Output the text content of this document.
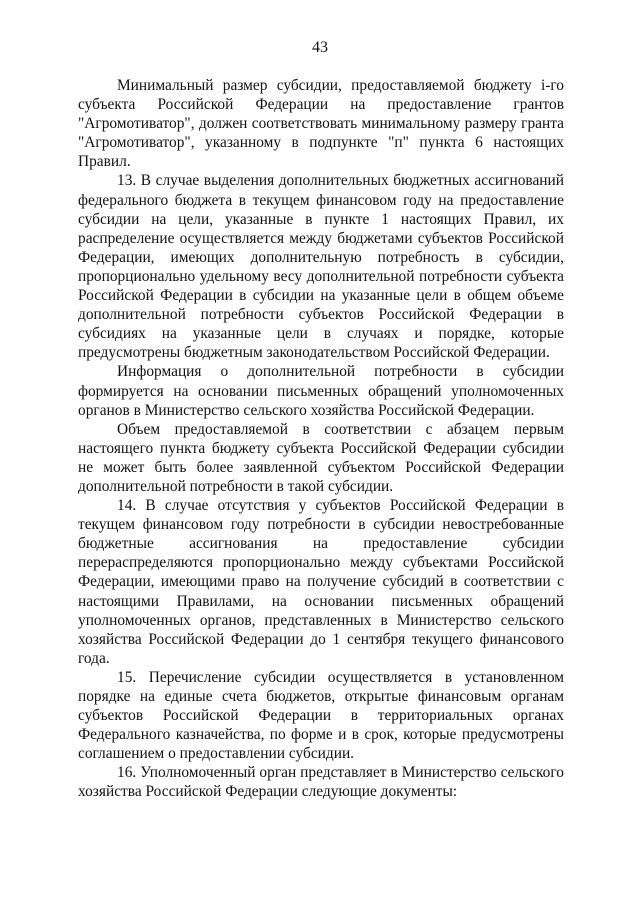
43

Минимальный размер субсидии, предоставляемой бюджету i-го субъекта Российской Федерации на предоставление грантов "Агромотиватор", должен соответствовать минимальному размеру гранта "Агромотиватор", указанному в подпункте "п" пункта 6 настоящих Правил.

13. В случае выделения дополнительных бюджетных ассигнований федерального бюджета в текущем финансовом году на предоставление субсидии на цели, указанные в пункте 1 настоящих Правил, их распределение осуществляется между бюджетами субъектов Российской Федерации, имеющих дополнительную потребность в субсидии, пропорционально удельному весу дополнительной потребности субъекта Российской Федерации в субсидии на указанные цели в общем объеме дополнительной потребности субъектов Российской Федерации в субсидиях на указанные цели в случаях и порядке, которые предусмотрены бюджетным законодательством Российской Федерации.

Информация о дополнительной потребности в субсидии формируется на основании письменных обращений уполномоченных органов в Министерство сельского хозяйства Российской Федерации.

Объем предоставляемой в соответствии с абзацем первым настоящего пункта бюджету субъекта Российской Федерации субсидии не может быть более заявленной субъектом Российской Федерации дополнительной потребности в такой субсидии.

14. В случае отсутствия у субъектов Российской Федерации в текущем финансовом году потребности в субсидии невостребованные бюджетные ассигнования на предоставление субсидии перераспределяются пропорционально между субъектами Российской Федерации, имеющими право на получение субсидий в соответствии с настоящими Правилами, на основании письменных обращений уполномоченных органов, представленных в Министерство сельского хозяйства Российской Федерации до 1 сентября текущего финансового года.

15. Перечисление субсидии осуществляется в установленном порядке на единые счета бюджетов, открытые финансовым органам субъектов Российской Федерации в территориальных органах Федерального казначейства, по форме и в срок, которые предусмотрены соглашением о предоставлении субсидии.

16. Уполномоченный орган представляет в Министерство сельского хозяйства Российской Федерации следующие документы:
